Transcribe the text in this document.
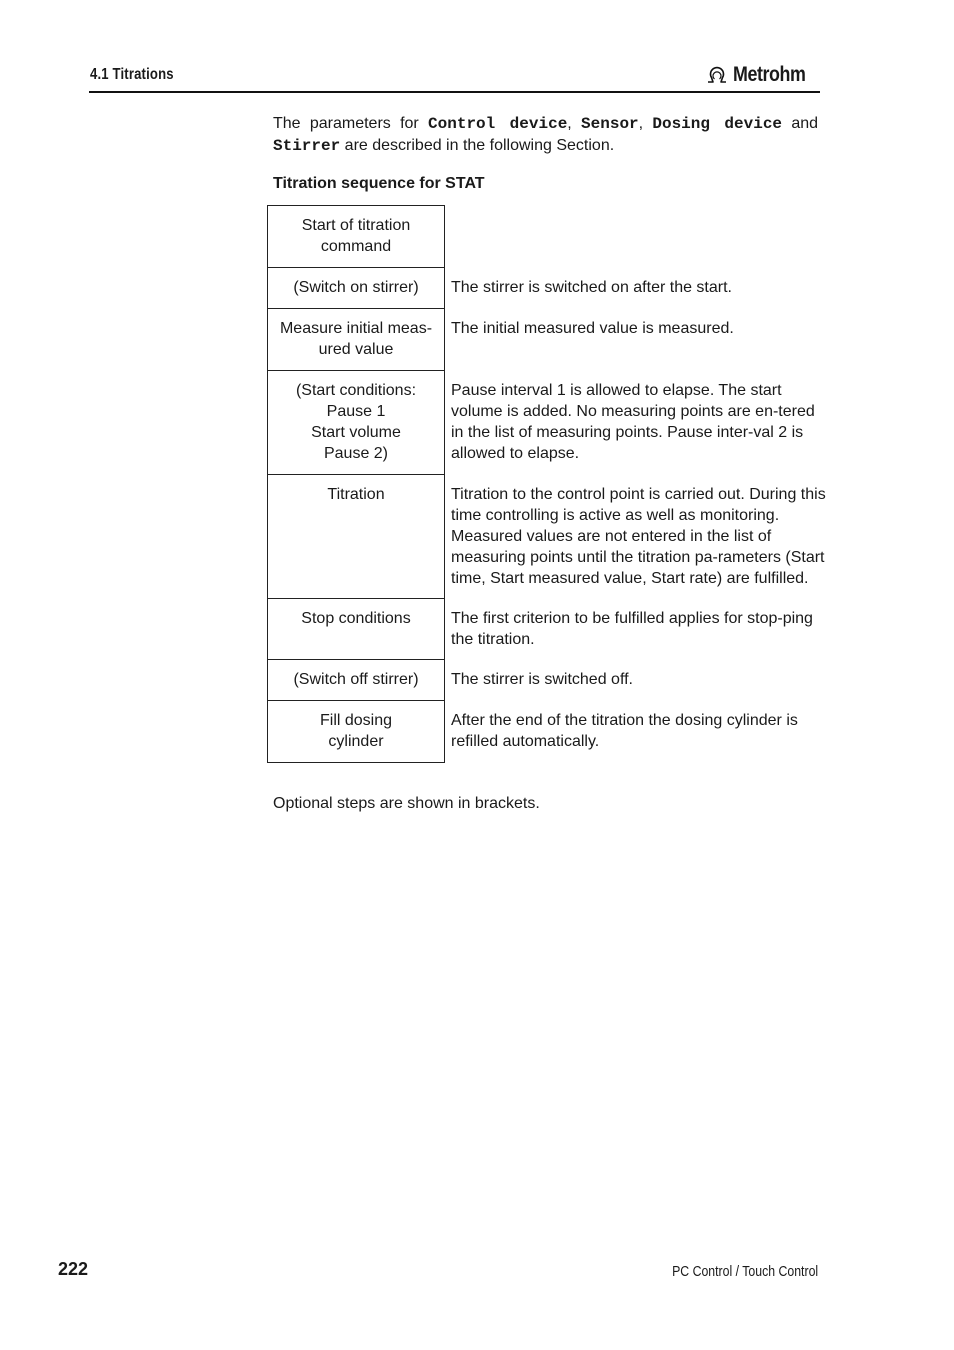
4.1 Titrations	Metrohm
The parameters for Control device, Sensor, Dosing device and Stirrer are described in the following Section.
Titration sequence for STAT
Start of titration
command	

(Switch on stirrer)	The stirrer is switched on after the start.

Measure initial meas-
ured value	The initial measured value is measured.

(Start conditions:
Pause 1
Start volume
Pause 2)	Pause interval 1 is allowed to elapse. The start volume is added. No measuring points are en-tered in the list of measuring points. Pause inter-val 2 is allowed to elapse.

Titration	Titration to the control point is carried out. During this time controlling is active as well as monitoring. Measured values are not entered in the list of measuring points until the titration pa-rameters (Start time, Start measured value, Start rate) are fulfilled.

Stop conditions	The first criterion to be fulfilled applies for stop-ping the titration.

(Switch off stirrer)	The stirrer is switched off.

Fill dosing
cylinder	After the end of the titration the dosing cylinder is refilled automatically.
Optional steps are shown in brackets.
222	PC Control / Touch Control
